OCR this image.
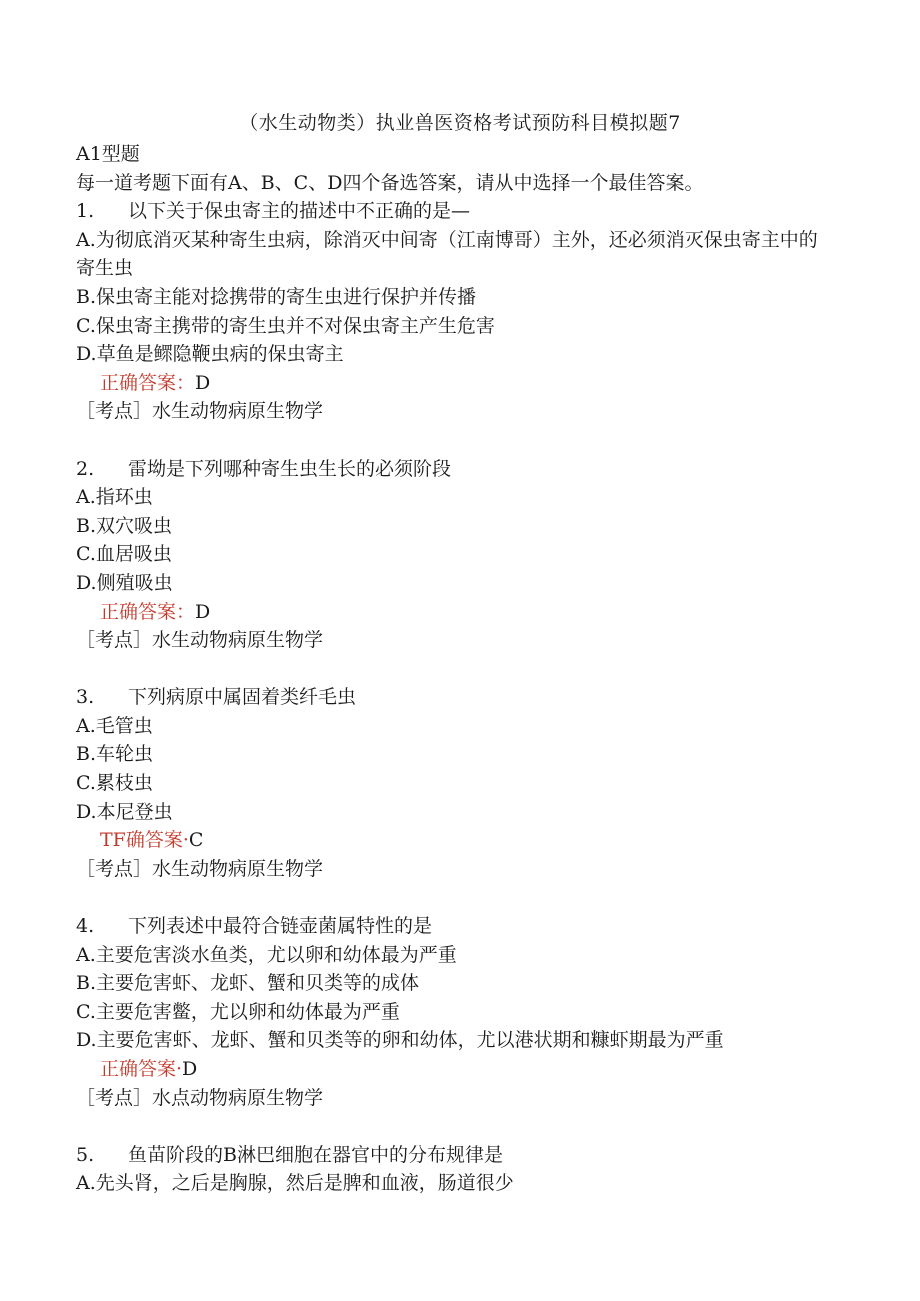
（水生动物类）执业兽医资格考试预防科目模拟题7
A1型题
每一道考题下面有A、B、C、D四个备选答案，请从中选择一个最佳答案。
1. 以下关于保虫寄主的描述中不正确的是—
A.为彻底消灭某种寄生虫病，除消灭中间寄（江南博哥）主外，还必须消灭保虫寄主中的寄生虫
B.保虫寄主能对捻携带的寄生虫进行保护并传播
C.保虫寄主携带的寄生虫并不对保虫寄主产生危害
D.草鱼是鳏隐鞭虫病的保虫寄主
正确答案：D
［考点］水生动物病原生物学
2. 雷坳是下列哪种寄生虫生长的必须阶段
A.指环虫
B.双穴吸虫
C.血居吸虫
D.侧殖吸虫
正确答案：D
［考点］水生动物病原生物学
3. 下列病原中属固着类纤毛虫
A.毛管虫
B.车轮虫
C.累枝虫
D.本尼登虫
TF确答案·C
［考点］水生动物病原生物学
4. 下列表述中最符合链壶菌属特性的是
A.主要危害淡水鱼类，尤以卵和幼体最为严重
B.主要危害虾、龙虾、蟹和贝类等的成体
C.主要危害鳖，尤以卵和幼体最为严重
D.主要危害虾、龙虾、蟹和贝类等的卵和幼体，尤以港状期和糠虾期最为严重
正确答案·D
［考点］水点动物病原生物学
5. 鱼苗阶段的B淋巴细胞在器官中的分布规律是
A.先头肾，之后是胸腺，然后是脾和血液，肠道很少
